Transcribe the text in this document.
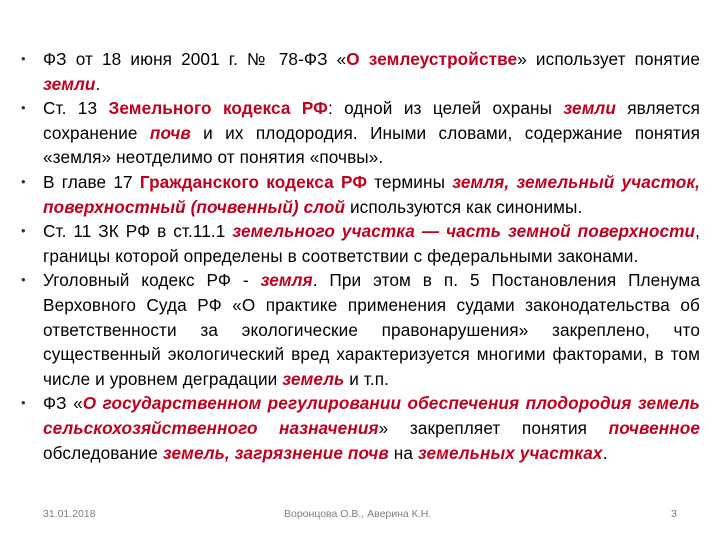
• ФЗ от 18 июня 2001 г. № 78-ФЗ «О землеустройстве» использует понятие земли.
• Ст. 13 Земельного кодекса РФ: одной из целей охраны земли является сохранение почв и их плодородия. Иными словами, содержание понятия «земля» неотделимо от понятия «почвы».
• В главе 17 Гражданского кодекса РФ термины земля, земельный участок, поверхностный (почвенный) слой используются как синонимы.
• Ст. 11 ЗК РФ в ст.11.1 земельного участка — часть земной поверхности, границы которой определены в соответствии с федеральными законами.
• Уголовный кодекс РФ - земля. При этом в п. 5 Постановления Пленума Верховного Суда РФ «О практике применения судами законодательства об ответственности за экологические правонарушения» закреплено, что существенный экологический вред характеризуется многими факторами, в том числе и уровнем деградации земель и т.п.
• ФЗ «О государственном регулировании обеспечения плодородия земель сельскохозяйственного назначения» закрепляет понятия почвенное обследование земель, загрязнение почв на земельных участках.
31.01.2018	Воронцова О.В., Аверина К.Н.	3
